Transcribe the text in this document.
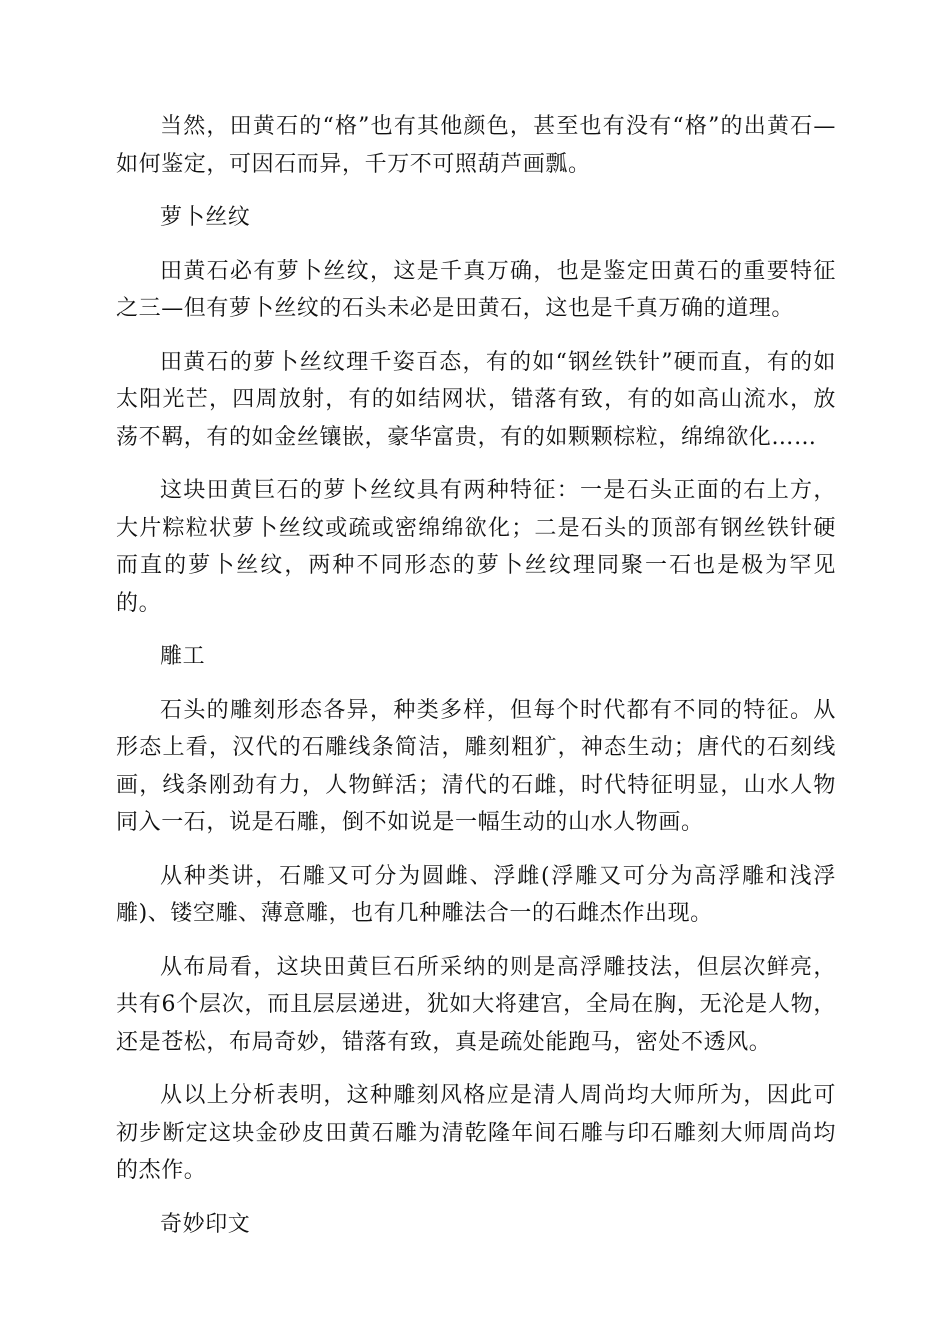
当然，田黄石的“格”也有其他颜色，甚至也有没有“格”的出黄石—如何鉴定，可因石而异，千万不可照葫芦画瓢。

萝卜丝纹

田黄石必有萝卜丝纹，这是千真万确，也是鉴定田黄石的重要特征之三—但有萝卜丝纹的石头未必是田黄石，这也是千真万确的道理。

田黄石的萝卜丝纹理千姿百态，有的如“钢丝铁针”硬而直，有的如太阳光芒，四周放射，有的如结网状，错落有致，有的如高山流水，放荡不羁，有的如金丝镶嵌，豪华富贵，有的如颗颗棕粒，绵绵欲化……

这块田黄巨石的萝卜丝纹具有两种特征：一是石头正面的右上方，大片粽粒状萝卜丝纹或疏或密绵绵欲化；二是石头的顶部有钢丝铁针硬而直的萝卜丝纹，两种不同形态的萝卜丝纹理同聚一石也是极为罕见的。

雕工

石头的雕刻形态各异，种类多样，但每个时代都有不同的特征。从形态上看，汉代的石雕线条简洁，雕刻粗犷，神态生动；唐代的石刻线画，线条刚劲有力，人物鲜活；清代的石雌，时代特征明显，山水人物同入一石，说是石雕，倒不如说是一幅生动的山水人物画。

从种类讲，石雕又可分为圆雌、浮雌(浮雕又可分为高浮雕和浅浮雕)、镂空雕、薄意雕，也有几种雕法合一的石雌杰作出现。

从布局看，这块田黄巨石所采纳的则是高浮雕技法，但层次鲜亮，共有6个层次，而且层层递进，犹如大将建宫，全局在胸，无沦是人物，还是苍松，布局奇妙，错落有致，真是疏处能跑马，密处不透风。

从以上分析表明，这种雕刻风格应是清人周尚均大师所为，因此可初步断定这块金砂皮田黄石雕为清乾隆年间石雕与印石雕刻大师周尚均的杰作。

奇妙印文
